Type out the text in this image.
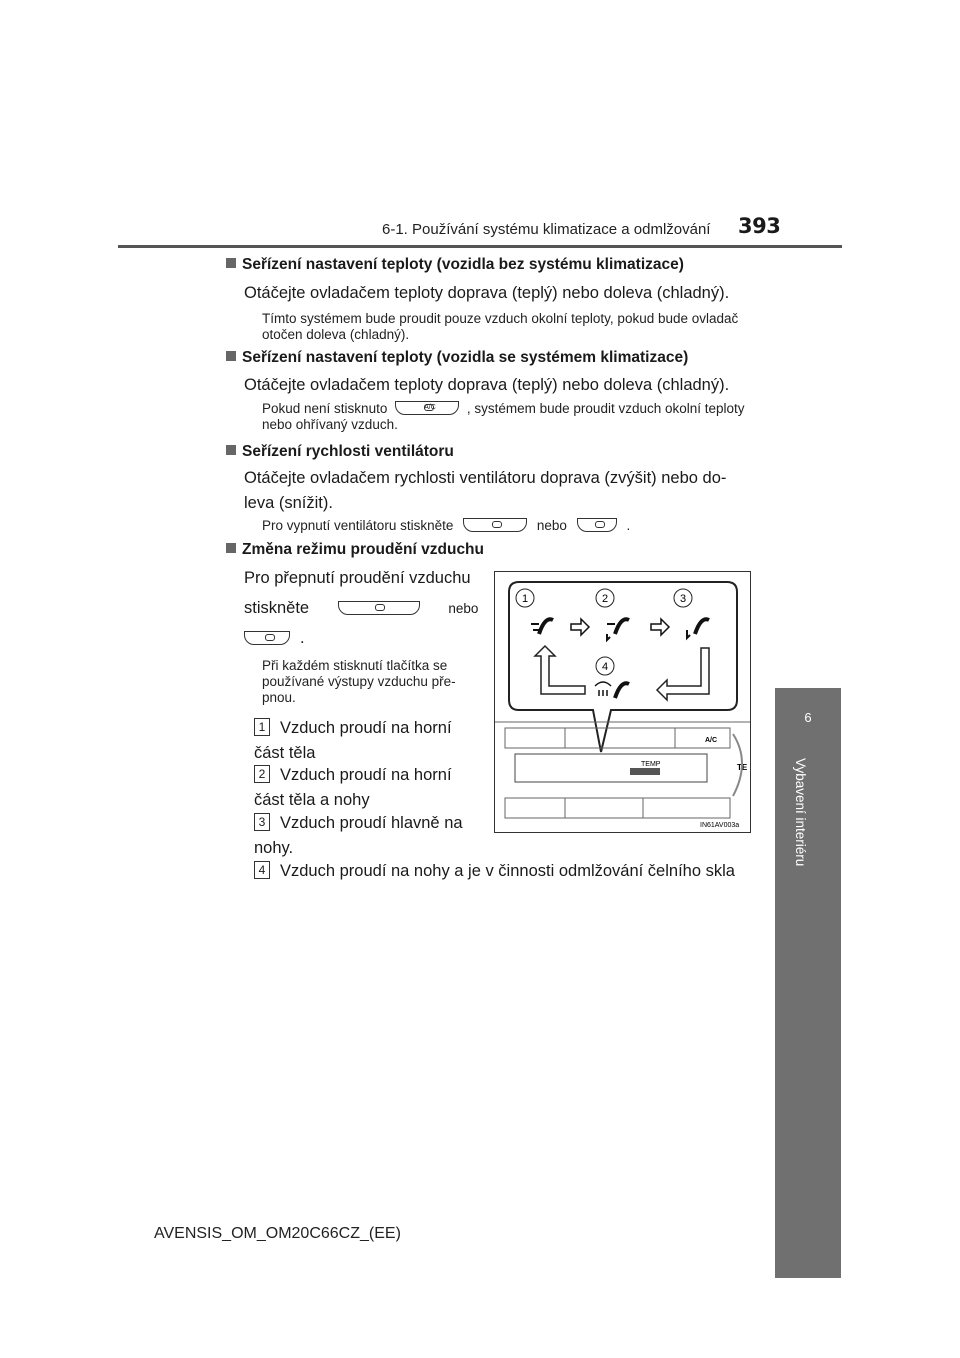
6-1. Používání systému klimatizace a odmlžování 393
6
Vybavení interiéru
Seřízení nastavení teploty (vozidla bez systému klimatizace)
Otáčejte ovladačem teploty doprava (teplý) nebo doleva (chladný).
Tímto systémem bude proudit pouze vzduch okolní teploty, pokud bude ovladač otočen doleva (chladný).
Seřízení nastavení teploty (vozidla se systémem klimatizace)
Otáčejte ovladačem teploty doprava (teplý) nebo doleva (chladný).
Pokud není stisknuto	A/C , systémem bude proudit vzduch okolní teploty nebo ohřívaný vzduch.
Seřízení rychlosti ventilátoru
Otáčejte ovladačem rychlosti ventilátoru doprava (zvýšit) nebo do-leva (snížit).
Pro vypnutí ventilátoru stiskněte	nebo	.
Změna režimu proudění vzduchu
Pro přepnutí proudění vzduchu
stiskněte	nebo
.
Při každém stisknutí tlačítka se používané výstupy vzduchu pře-pnou.
1 Vzduch proudí na horní část těla
2 Vzduch proudí na horní část těla a nohy
3 Vzduch proudí hlavně na nohy.
4 Vzduch proudí na nohy a je v činnosti odmlžování čelního skla
1	2	3
4
A/C
TEMP	TE
IN61AV003a
AVENSIS_OM_OM20C66CZ_(EE)
